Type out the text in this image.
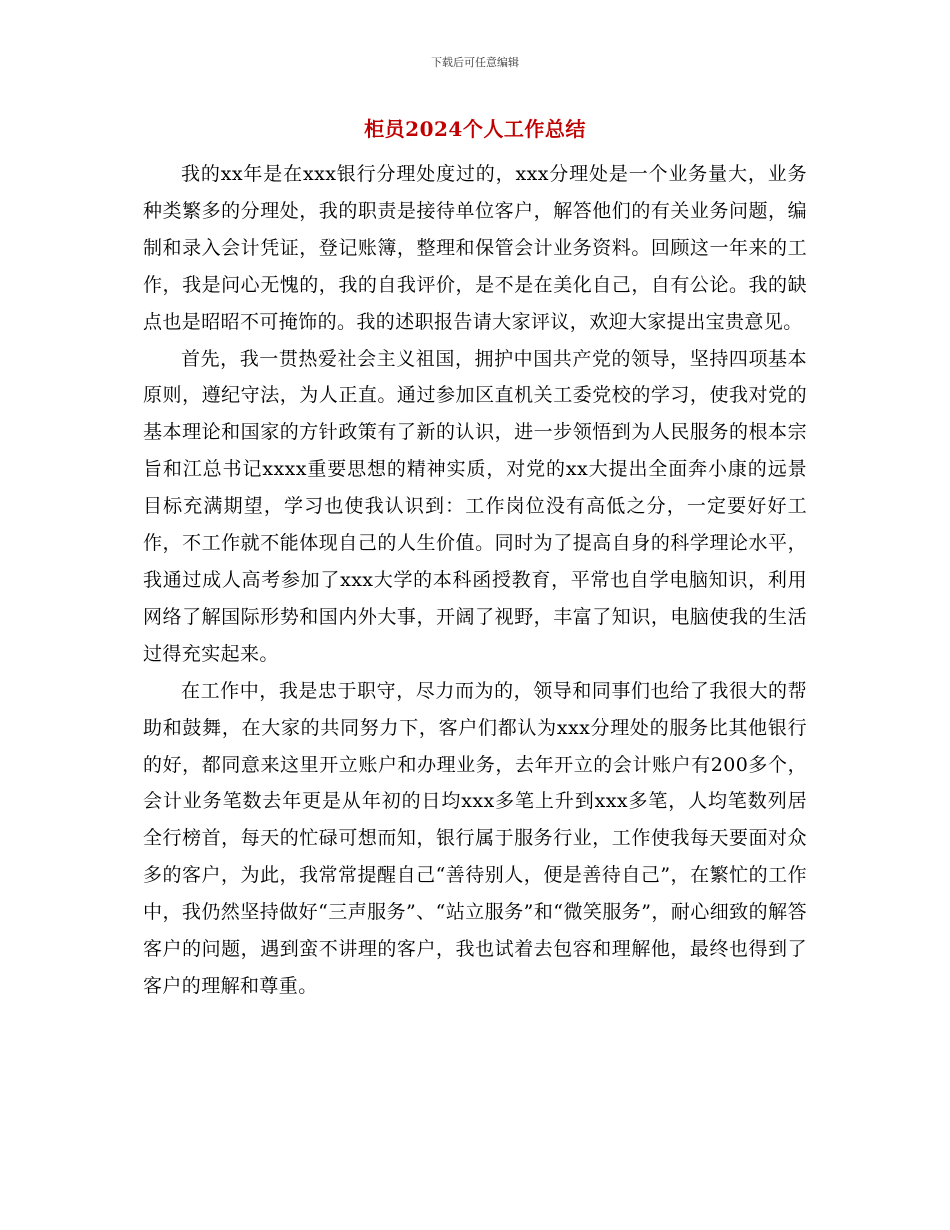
下载后可任意编辑
柜员2024个人工作总结

我的xx年是在xxx银行分理处度过的，xxx分理处是一个业务量大，业务种类繁多的分理处，我的职责是接待单位客户，解答他们的有关业务问题，编制和录入会计凭证，登记账簿，整理和保管会计业务资料。回顾这一年来的工作，我是问心无愧的，我的自我评价，是不是在美化自己，自有公论。我的缺点也是昭昭不可掩饰的。我的述职报告请大家评议，欢迎大家提出宝贵意见。

首先，我一贯热爱社会主义祖国，拥护中国共产党的领导，坚持四项基本原则，遵纪守法，为人正直。通过参加区直机关工委党校的学习，使我对党的基本理论和国家的方针政策有了新的认识，进一步领悟到为人民服务的根本宗旨和江总书记xxxx重要思想的精神实质，对党的xx大提出全面奔小康的远景目标充满期望，学习也使我认识到：工作岗位没有高低之分，一定要好好工作，不工作就不能体现自己的人生价值。同时为了提高自身的科学理论水平，我通过成人高考参加了xxx大学的本科函授教育，平常也自学电脑知识，利用网络了解国际形势和国内外大事，开阔了视野，丰富了知识，电脑使我的生活过得充实起来。

在工作中，我是忠于职守，尽力而为的，领导和同事们也给了我很大的帮助和鼓舞，在大家的共同努力下，客户们都认为xxx分理处的服务比其他银行的好，都同意来这里开立账户和办理业务，去年开立的会计账户有200多个，会计业务笔数去年更是从年初的日均xxx多笔上升到xxx多笔，人均笔数列居全行榜首，每天的忙碌可想而知，银行属于服务行业，工作使我每天要面对众多的客户，为此，我常常提醒自己“善待别人，便是善待自己”，在繁忙的工作中，我仍然坚持做好“三声服务”、“站立服务”和“微笑服务”，耐心细致的解答客户的问题，遇到蛮不讲理的客户，我也试着去包容和理解他，最终也得到了客户的理解和尊重。
